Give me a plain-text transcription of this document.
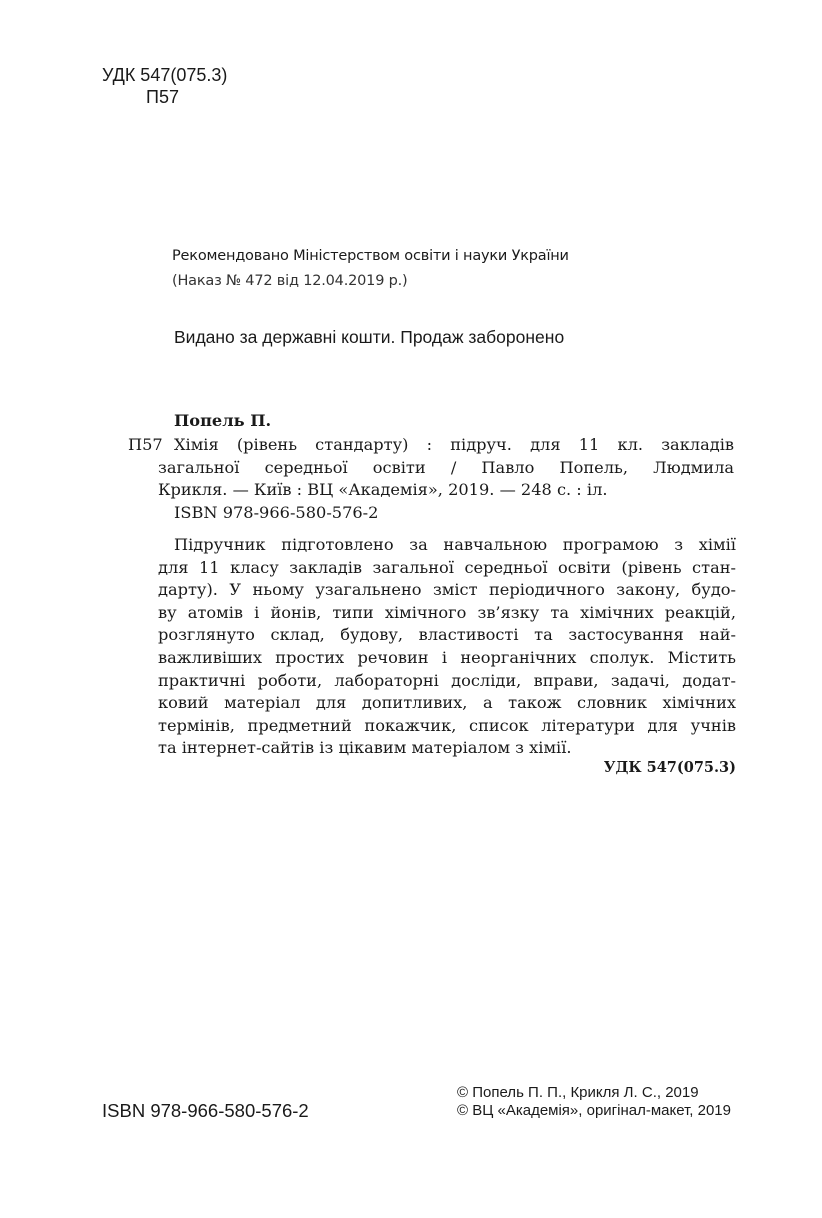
УДК 547(075.3)
П57
Рекомендовано Міністерством освіти і науки України
(Наказ № 472 від 12.04.2019 р.)
Видано за державні кошти. Продаж заборонено
Попель П.
П57 Хімія (рівень стандарту) : підруч. для 11 кл. закладів
загальної середньої освіти / Павло Попель, Людмила
Крикля. — Київ : ВЦ «Академія», 2019. — 248 с. : іл.
ISBN 978-966-580-576-2
Підручник підготовлено за навчальною програмою з хімії
для 11 класу закладів загальної середньої освіти (рівень стан-
дарту). У ньому узагальнено зміст періодичного закону, будо-
ву атомів і йонів, типи хімічного зв’язку та хімічних реакцій,
розглянуто склад, будову, властивості та застосування най-
важливіших простих речовин і неорганічних сполук. Містить
практичні роботи, лабораторні досліди, вправи, задачі, додат-
ковий матеріал для допитливих, а також словник хімічних
термінів, предметний покажчик, список літератури для учнів
та інтернет-сайтів із цікавим матеріалом з хімії.
УДК 547(075.3)
ISBN 978-966-580-576-2
© Попель П. П., Крикля Л. С., 2019
© ВЦ «Академія», оригінал-макет, 2019
